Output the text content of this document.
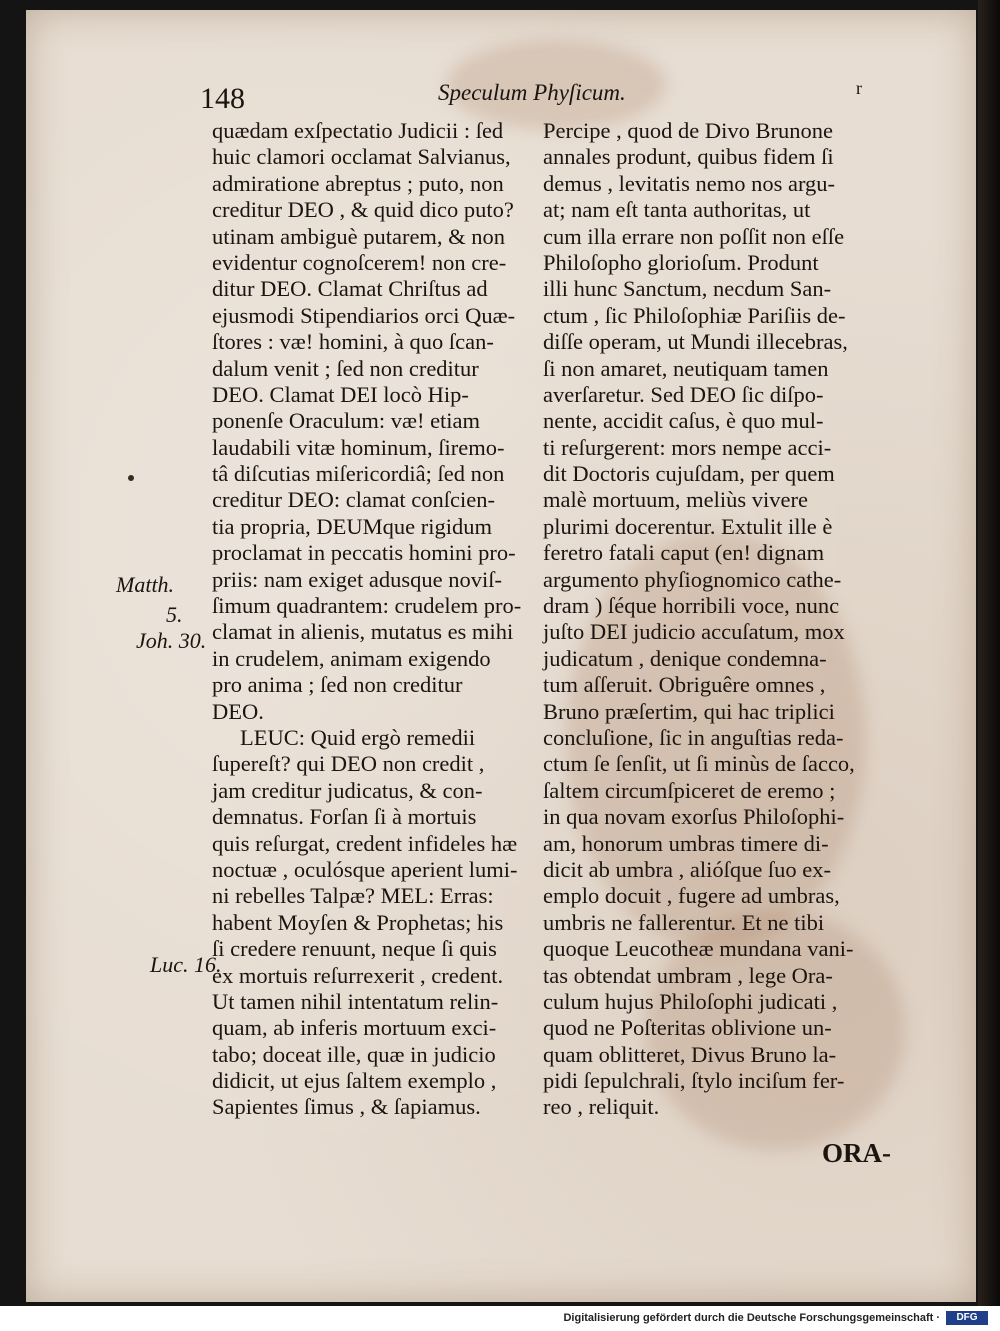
148	Speculum Phyſicum.	r
quædam exſpectatio Judicii : ſed
huic clamori occlamat Salvianus,
admiratione abreptus ; puto, non
creditur DEO , & quid dico puto?
utinam ambiguè putarem, & non
evidentur cognoſcerem! non cre-
ditur DEO. Clamat Chriſtus ad
ejusmodi Stipendiarios orci Quæ-
ſtores : væ! homini, à quo ſcan-
dalum venit ; ſed non creditur
DEO. Clamat DEI locò Hip-
ponenſe Oraculum: væ! etiam
laudabili vitæ hominum, ſiremo-
tâ diſcutias miſericordiâ; ſed non
creditur DEO: clamat conſcien-
tia propria, DEUMque rigidum
proclamat in peccatis homini pro-
priis: nam exiget adusque noviſ-
ſimum quadrantem: crudelem pro-
clamat in alienis, mutatus es mihi
in crudelem, animam exigendo
pro anima ; ſed non creditur
DEO.
LEUC: Quid ergò remedii
ſupereſt? qui DEO non credit ,
jam creditur judicatus, & con-
demnatus. Forſan ſi à mortuis
quis reſurgat, credent infideles hæ
noctuæ , oculósque aperient lumi-
ni rebelles Talpæ? MEL: Erras:
habent Moyſen & Prophetas; his
ſi credere renuunt, neque ſi quis
ex mortuis reſurrexerit , credent.
Ut tamen nihil intentatum relin-
quam, ab inferis mortuum exci-
tabo; doceat ille, quæ in judicio
didicit, ut ejus ſaltem exemplo ,
Sapientes ſimus , & ſapiamus.
Percipe , quod de Divo Brunone
annales produnt, quibus fidem ſi
demus , levitatis nemo nos argu-
at; nam eſt tanta authoritas, ut
cum illa errare non poſſit non eſſe
Philoſopho glorioſum. Produnt
illi hunc Sanctum, necdum San-
ctum , ſic Philoſophiæ Pariſiis de-
diſſe operam, ut Mundi illecebras,
ſi non amaret, neutiquam tamen
averſaretur. Sed DEO ſic diſpo-
nente, accidit caſus, è quo mul-
ti reſurgerent: mors nempe acci-
dit Doctoris cujuſdam, per quem
malè mortuum, meliùs vivere
plurimi docerentur. Extulit ille è
feretro fatali caput (en! dignam
argumento phyſiognomico cathe-
dram ) ſéque horribili voce, nunc
juſto DEI judicio accuſatum, mox
judicatum , denique condemna-
tum aſſeruit. Obriguêre omnes ,
Bruno præſertim, qui hac triplici
concluſione, ſic in anguſtias reda-
ctum ſe ſenſit, ut ſi minùs de ſacco,
ſaltem circumſpiceret de eremo ;
in qua novam exorſus Philoſophi-
am, honorum umbras timere di-
dicit ab umbra , alióſque ſuo ex-
emplo docuit , fugere ad umbras,
umbris ne fallerentur. Et ne tibi
quoque Leucotheæ mundana vani-
tas obtendat umbram , lege Ora-
culum hujus Philoſophi judicati ,
quod ne Poſteritas oblivione un-
quam oblitteret, Divus Bruno la-
pidi ſepulchrali, ſtylo inciſum fer-
reo , reliquit.
Matth.
5.
Joh. 30.
Luc. 16.
ORA-
Digitalisierung gefördert durch die Deutsche Forschungsgemeinschaft ·	DFG
